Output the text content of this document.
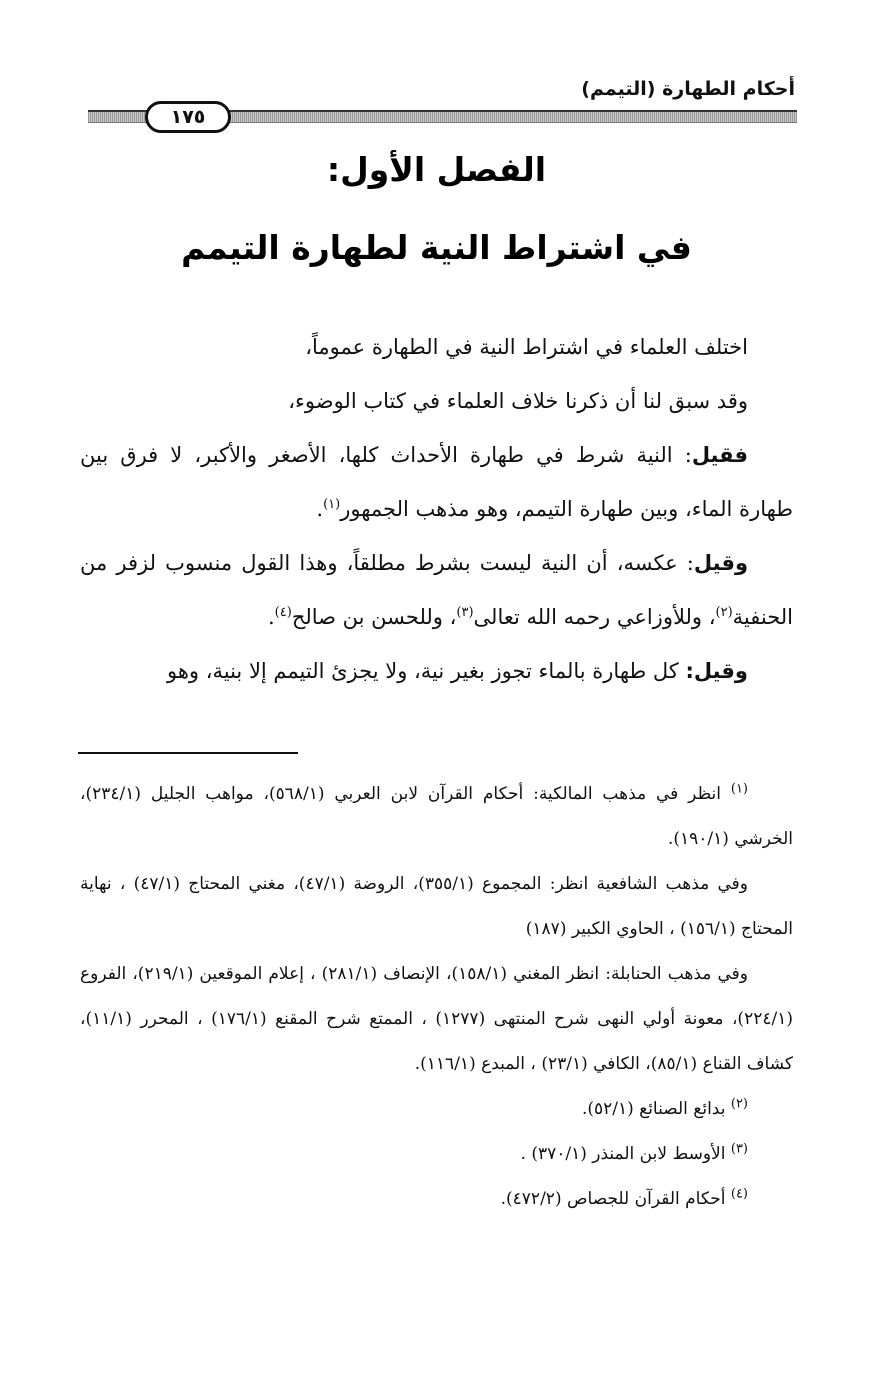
أحكام الطهارة (التيمم)
١٧٥
الفصل الأول:
في اشتراط النية لطهارة التيمم

اختلف العلماء في اشتراط النية في الطهارة عموماً،

وقد سبق لنا أن ذكرنا خلاف العلماء في كتاب الوضوء،

فقيل: النية شرط في طهارة الأحداث كلها، الأصغر والأكبر، لا فرق بين طهارة الماء، وبين طهارة التيمم، وهو مذهب الجمهور$^{(١)}$.

وقيل: عكسه، أن النية ليست بشرط مطلقاً، وهذا القول منسوب لزفر من الحنفية$^{(٢)}$، وللأوزاعي رحمه الله تعالى$^{(٣)}$، وللحسن بن صالح$^{(٤)}$.

وقيل: كل طهارة بالماء تجوز بغير نية، ولا يجزئ التيمم إلا بنية، وهو

$^{(١)}$ انظر في مذهب المالكية: أحكام القرآن لابن العربي (٥٦٨/١)، مواهب الجليل (٢٣٤/١)، الخرشي (١٩٠/١).

وفي مذهب الشافعية انظر: المجموع (٣٥٥/١)، الروضة (٤٧/١)، مغني المحتاج (٤٧/١) ، نهاية المحتاج (١٥٦/١) ، الحاوي الكبير (١٨٧)

وفي مذهب الحنابلة: انظر المغني (١٥٨/١)، الإنصاف (٢٨١/١) ، إعلام الموقعين (٢١٩/١)، الفروع (٢٢٤/١)، معونة أولي النهى شرح المنتهى (١٢٧٧) ، الممتع شرح المقنع (١٧٦/١) ، المحرر (١١/١)، كشاف القناع (٨٥/١)، الكافي (٢٣/١) ، المبدع (١١٦/١).

$^{(٢)}$ بدائع الصنائع (٥٢/١).

$^{(٣)}$ الأوسط لابن المنذر (٣٧٠/١) .

$^{(٤)}$ أحكام القرآن للجصاص (٤٧٢/٢).
